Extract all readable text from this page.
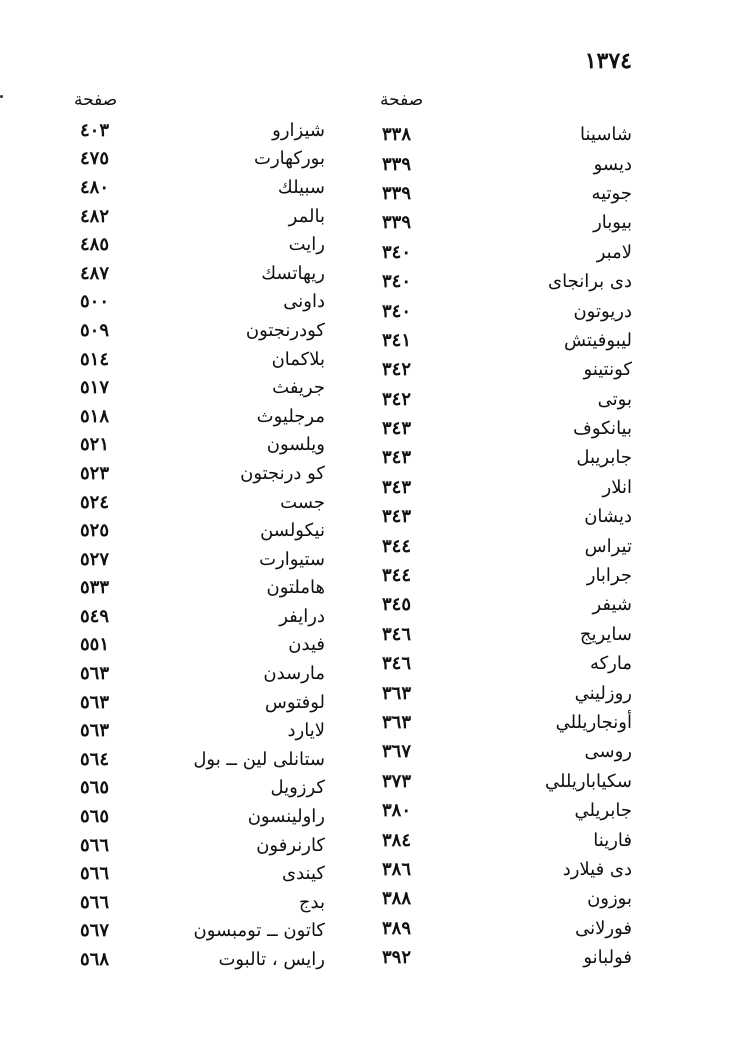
١٣٧٤
صفحة
صفحة
شاسينا
٣٣٨
ديسو
٣٣٩
جوتيه
٣٣٩
بيوبار
٣٣٩
لامبر
٣٤٠
دى برانجاى
٣٤٠
دريوتون
٣٤٠
ليبوفيتش
٣٤١
كونتينو
٣٤٢
بوتى
٣٤٢
بيانكوف
٣٤٣
جابريبل
٣٤٣
انلار
٣٤٣
ديشان
٣٤٣
تيراس
٣٤٤
جرابار
٣٤٤
شيفر
٣٤٥
سايريج
٣٤٦
ماركه
٣٤٦
روزليني
٣٦٣
أونجاريللي
٣٦٣
روسى
٣٦٧
سكياباريللي
٣٧٣
جابريلي
٣٨٠
فارينا
٣٨٤
دى فيلارد
٣٨٦
بوزون
٣٨٨
فورلانى
٣٨٩
فولبانو
٣٩٢
شيزارو
٤٠٣
بوركهارت
٤٧٥
سبيلك
٤٨٠
بالمر
٤٨٢
رايت
٤٨٥
ريهاتسك
٤٨٧
داونى
٥٠٠
كودرنجتون
٥٠٩
بلاكمان
٥١٤
جريفث
٥١٧
مرجليوث
٥١٨
ويلسون
٥٢١
كو درنجتون
٥٢٣
جست
٥٢٤
نيكولسن
٥٢٥
ستيوارت
٥٢٧
هاملتون
٥٣٣
درايفر
٥٤٩
فيدن
٥٥١
مارسدن
٥٦٣
لوفتوس
٥٦٣
لايارد
٥٦٣
ستانلى لين ــ بول
٥٦٤
كرزويل
٥٦٥
راولينسون
٥٦٥
كارنرفون
٥٦٦
كيندى
٥٦٦
بدج
٥٦٦
كاتون ــ تومبسون
٥٦٧
رايس ، تالبوت
٥٦٨
